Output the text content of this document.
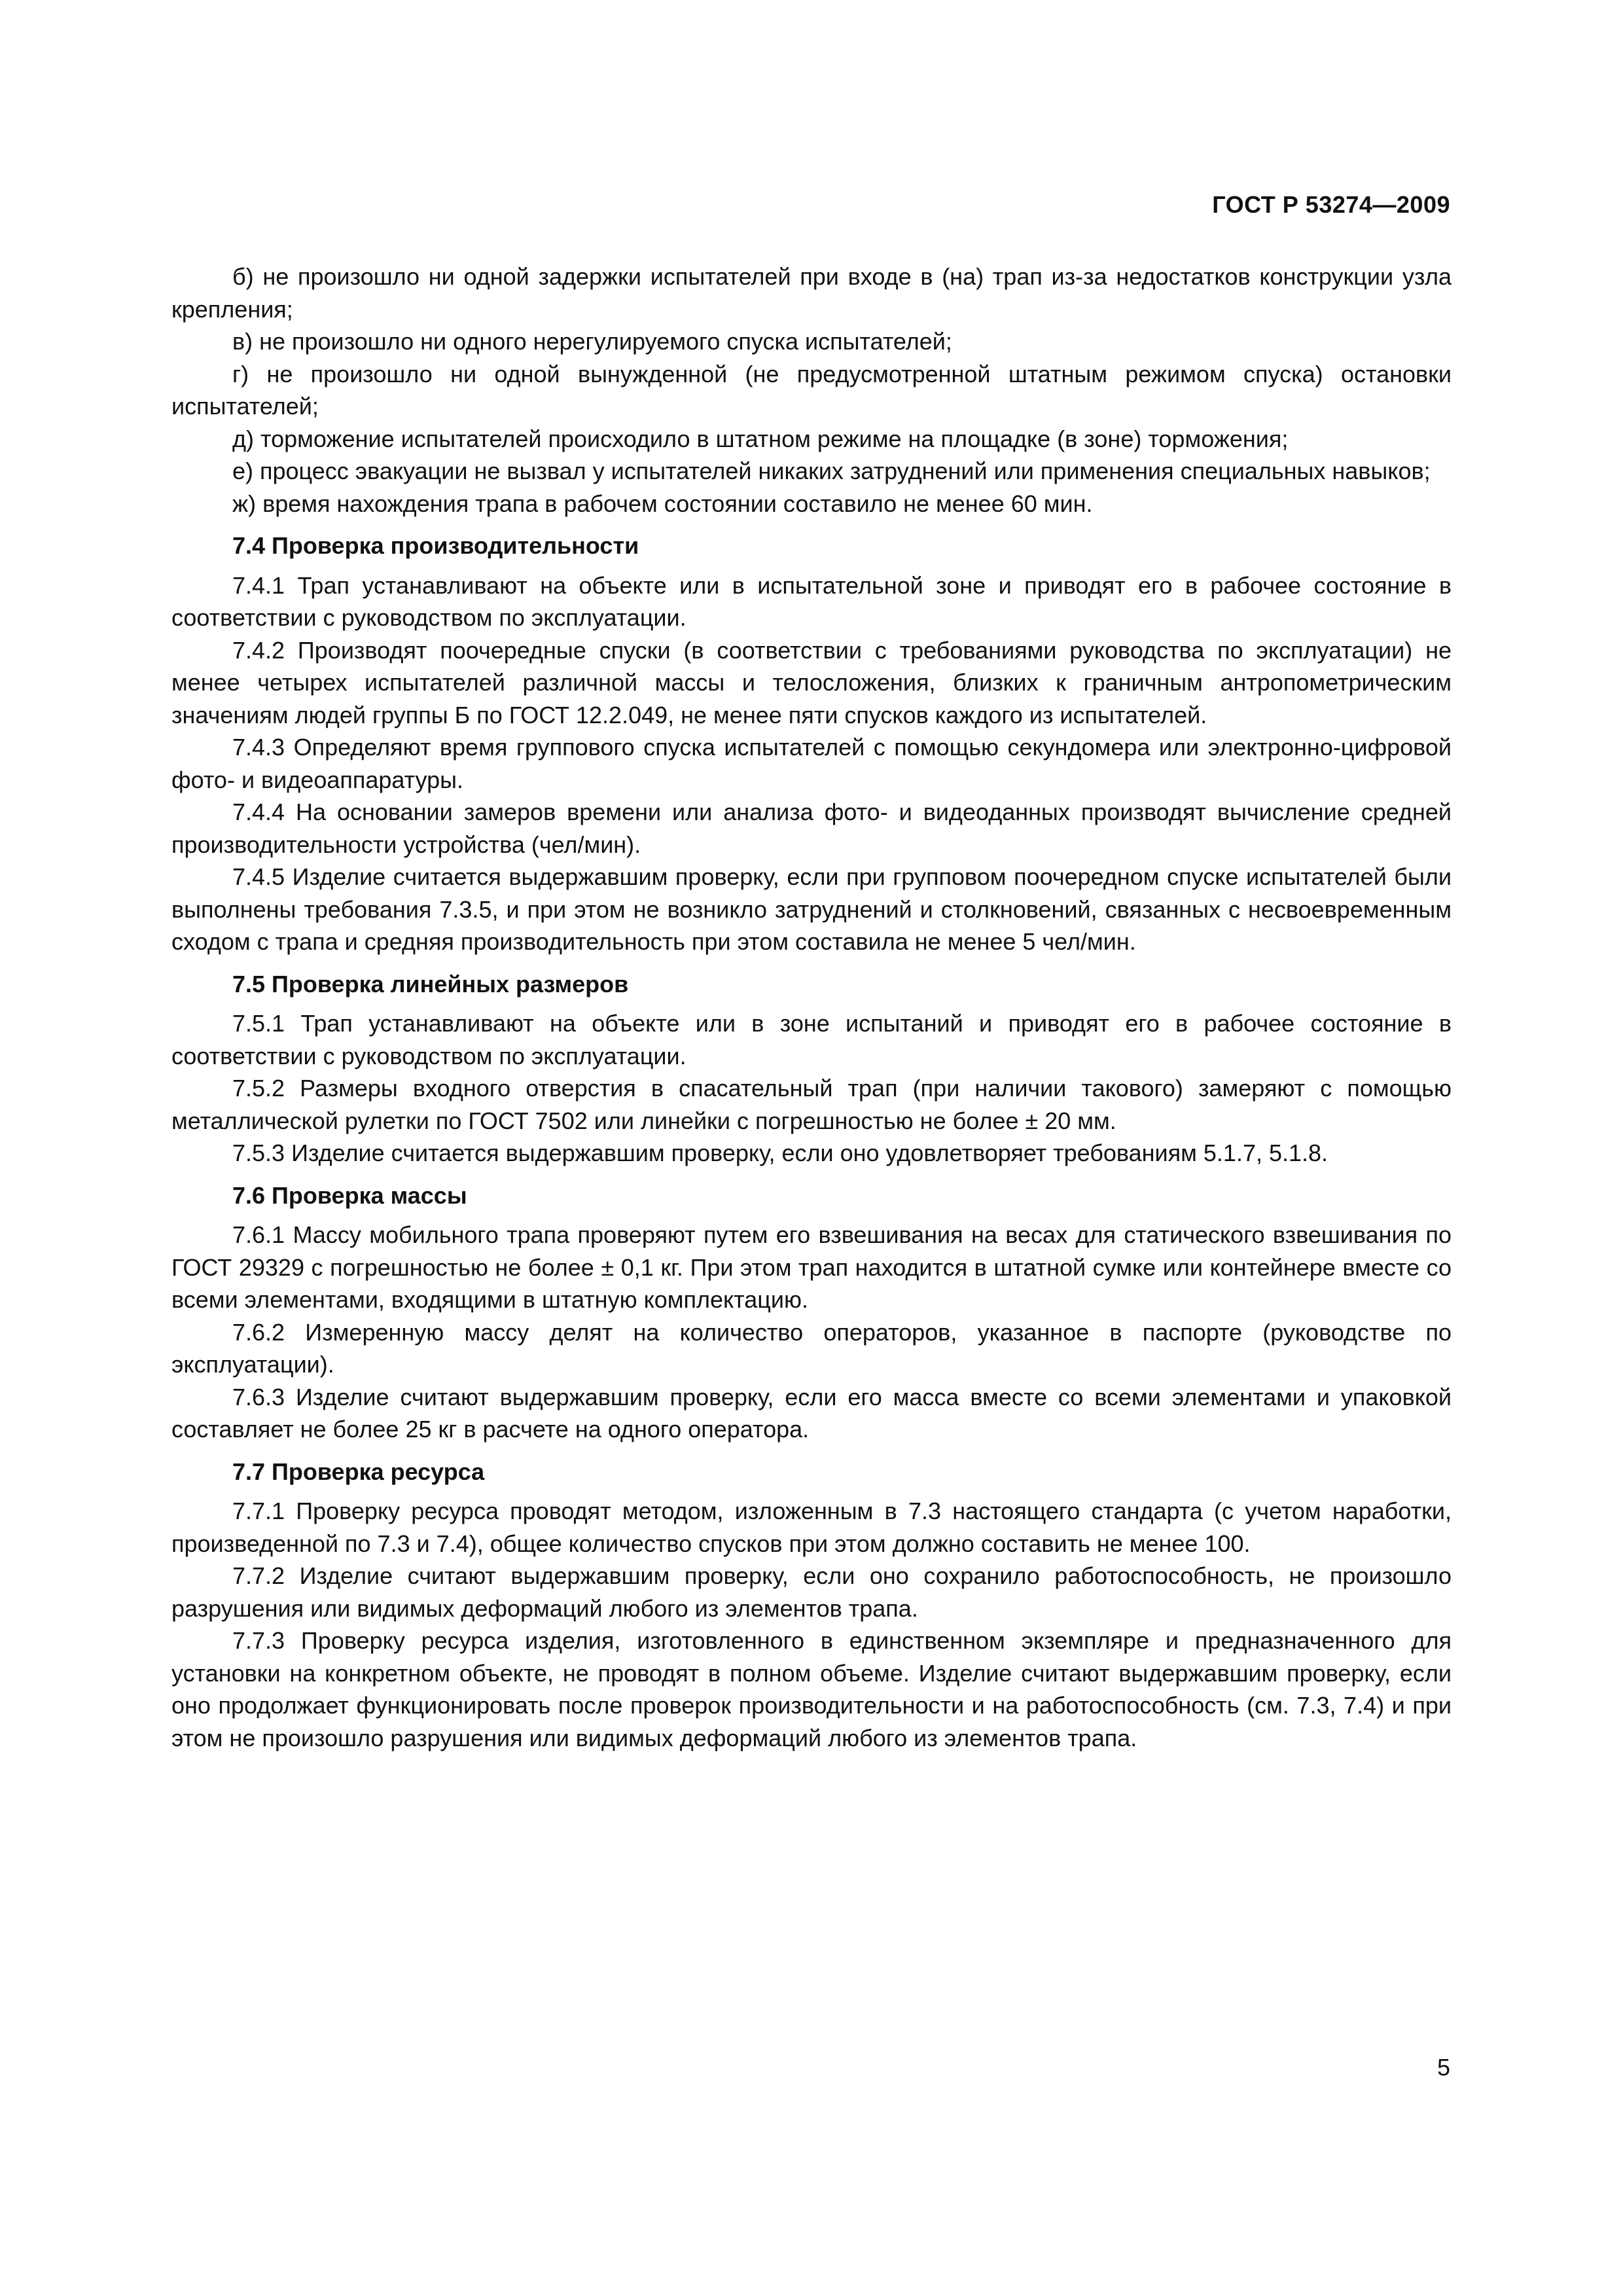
ГОСТ Р 53274—2009

б) не произошло ни одной задержки испытателей при входе в (на) трап из-за недостатков конструкции узла крепления;

в) не произошло ни одного нерегулируемого спуска испытателей;

г) не произошло ни одной вынужденной (не предусмотренной штатным режимом спуска) остановки испытателей;

д) торможение испытателей происходило в штатном режиме на площадке (в зоне) торможения;

е) процесс эвакуации не вызвал у испытателей никаких затруднений или применения специальных навыков;

ж) время нахождения трапа в рабочем состоянии составило не менее 60 мин.

7.4 Проверка производительности

7.4.1 Трап устанавливают на объекте или в испытательной зоне и приводят его в рабочее состояние в соответствии с руководством по эксплуатации.

7.4.2 Производят поочередные спуски (в соответствии с требованиями руководства по эксплуатации) не менее четырех испытателей различной массы и телосложения, близких к граничным антропометрическим значениям людей группы Б по ГОСТ 12.2.049, не менее пяти спусков каждого из испытателей.

7.4.3 Определяют время группового спуска испытателей с помощью секундомера или электронно-цифровой фото- и видеоаппаратуры.

7.4.4 На основании замеров времени или анализа фото- и видеоданных производят вычисление средней производительности устройства (чел/мин).

7.4.5 Изделие считается выдержавшим проверку, если при групповом поочередном спуске испытателей были выполнены требования 7.3.5, и при этом не возникло затруднений и столкновений, связанных с несвоевременным сходом с трапа и средняя производительность при этом составила не менее 5 чел/мин.

7.5 Проверка линейных размеров

7.5.1 Трап устанавливают на объекте или в зоне испытаний и приводят его в рабочее состояние в соответствии с руководством по эксплуатации.

7.5.2 Размеры входного отверстия в спасательный трап (при наличии такового) замеряют с помощью металлической рулетки по ГОСТ 7502 или линейки с погрешностью не более ± 20 мм.

7.5.3 Изделие считается выдержавшим проверку, если оно удовлетворяет требованиям 5.1.7, 5.1.8.

7.6 Проверка массы

7.6.1 Массу мобильного трапа проверяют путем его взвешивания на весах для статического взвешивания по ГОСТ 29329 с погрешностью не более ± 0,1 кг. При этом трап находится в штатной сумке или контейнере вместе со всеми элементами, входящими в штатную комплектацию.

7.6.2 Измеренную массу делят на количество операторов, указанное в паспорте (руководстве по эксплуатации).

7.6.3 Изделие считают выдержавшим проверку, если его масса вместе со всеми элементами и упаковкой составляет не более 25 кг в расчете на одного оператора.

7.7 Проверка ресурса

7.7.1 Проверку ресурса проводят методом, изложенным в 7.3 настоящего стандарта (с учетом наработки, произведенной по 7.3 и 7.4), общее количество спусков при этом должно составить не менее 100.

7.7.2 Изделие считают выдержавшим проверку, если оно сохранило работоспособность, не произошло разрушения или видимых деформаций любого из элементов трапа.

7.7.3 Проверку ресурса изделия, изготовленного в единственном экземпляре и предназначенного для установки на конкретном объекте, не проводят в полном объеме. Изделие считают выдержавшим проверку, если оно продолжает функционировать после проверок производительности и на работоспособность (см. 7.3, 7.4) и при этом не произошло разрушения или видимых деформаций любого из элементов трапа.

5
